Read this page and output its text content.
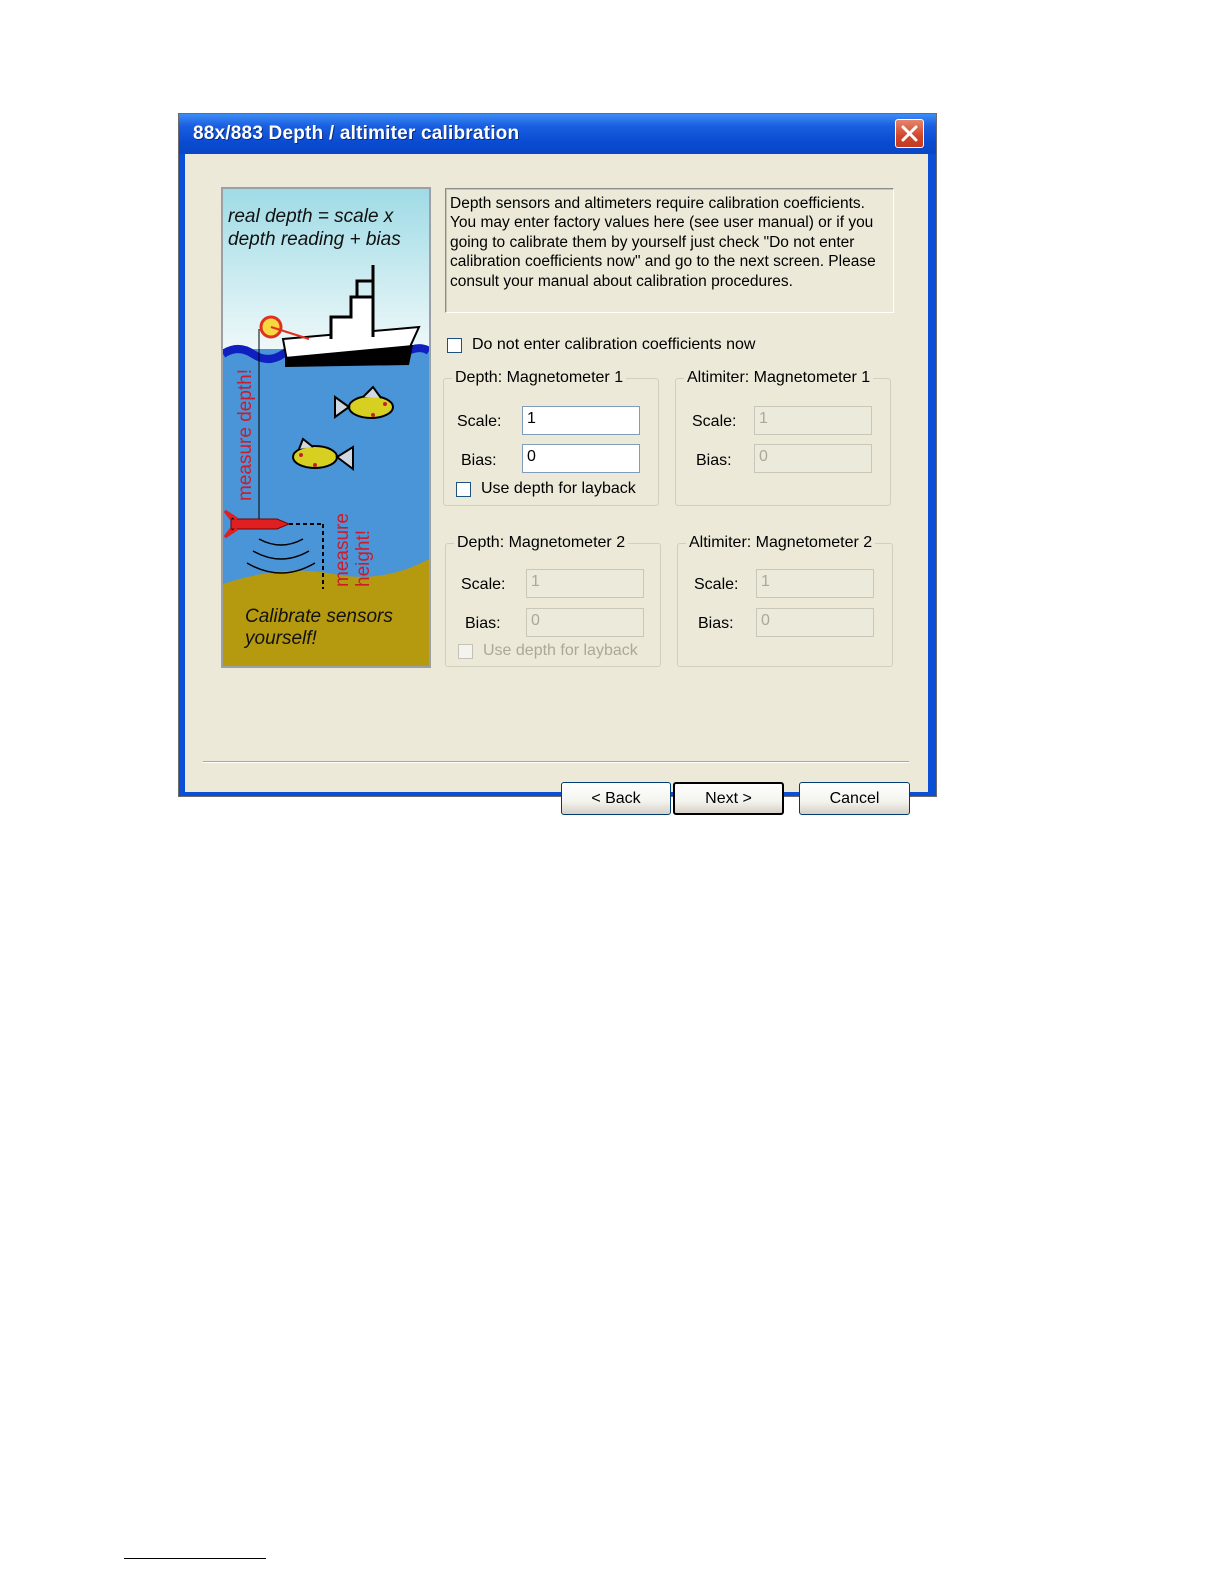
88x/883 Depth / altimiter calibration
real depth = scale x depth reading + bias
measure depth!
measure height!
Calibrate sensors yourself!
Depth sensors and altimeters require calibration coefficients. You may enter factory values here (see user manual) or if you going to calibrate them by yourself just check "Do not enter calibration coefficients now" and go to the next screen. Please consult your manual about calibration procedures.
Do not enter calibration coefficients now
Depth: Magnetometer 1
Scale:	1
Bias:	0
Use depth for layback
Altimiter: Magnetometer 1
Scale:	1
Bias:	0
Depth: Magnetometer 2
Scale:	1
Bias:	0
Use depth for layback
Altimiter: Magnetometer 2
Scale:	1
Bias:	0
< Back	Next >	Cancel
